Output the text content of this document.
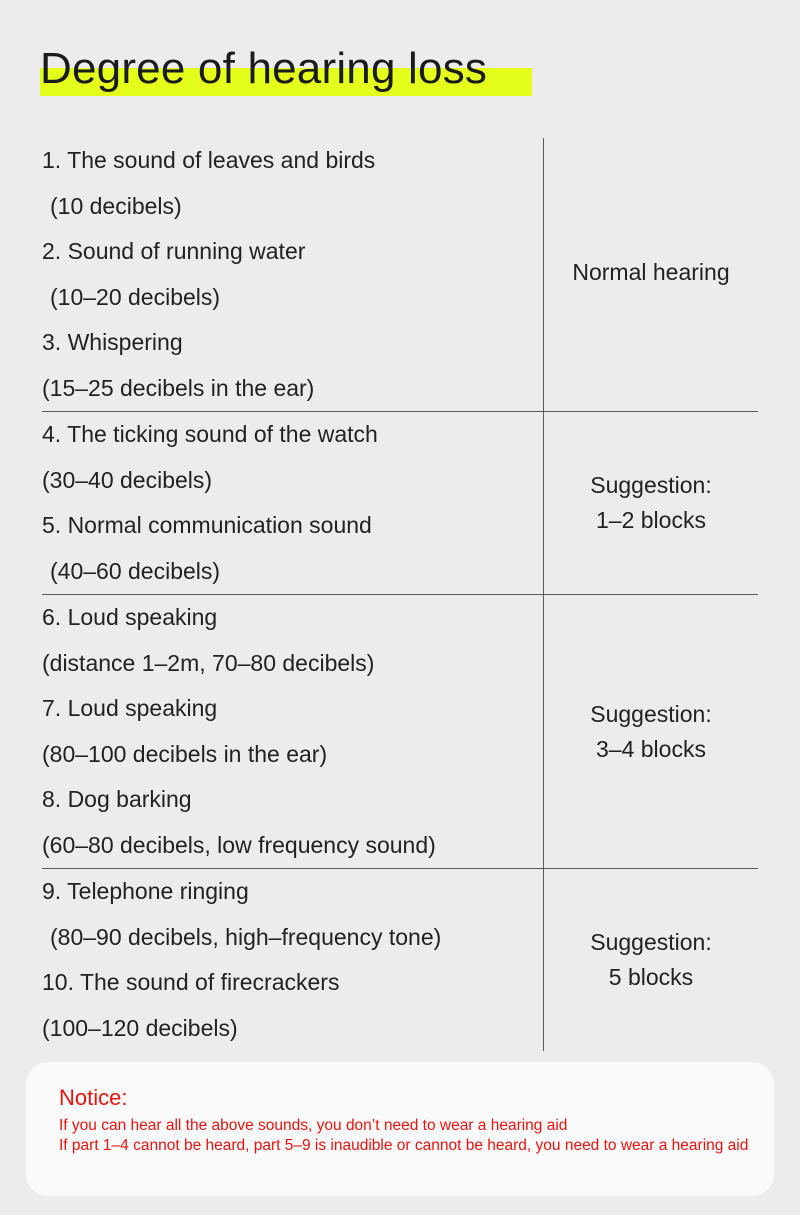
Degree of hearing loss
1. The sound of leaves and birds
(10 decibels)
2. Sound of running water
(10–20 decibels)
3. Whispering
(15–25 decibels in the ear)
Normal hearing
4. The ticking sound of the watch
(30–40 decibels)
5. Normal communication sound
(40–60 decibels)
Suggestion:
1–2 blocks
6. Loud speaking
(distance 1–2m, 70–80 decibels)
7. Loud speaking
(80–100 decibels in the ear)
8. Dog barking
(60–80 decibels, low frequency sound)
Suggestion:
3–4 blocks
9. Telephone ringing
(80–90 decibels, high–frequency tone)
10. The sound of firecrackers
(100–120 decibels)
Suggestion:
5 blocks

Notice:

If you can hear all the above sounds, you don’t need to wear a hearing aid

If part 1–4 cannot be heard, part 5–9 is inaudible or cannot be heard, you need to wear a hearing aid
